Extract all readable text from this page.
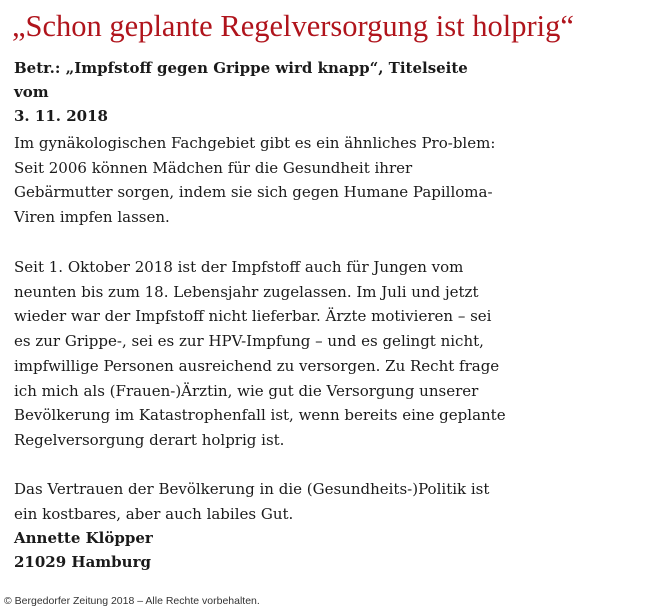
„Schon geplante Regelversorgung ist holprig“
Betr.: „Impfstoff gegen Grippe wird knapp“, Titelseite
vom
3. 11. 2018
Im gynäkologischen Fachgebiet gibt es ein ähnliches Pro-blem:
Seit 2006 können Mädchen für die Gesundheit ihrer
Gebärmutter sorgen, indem sie sich gegen Humane Papilloma-
Viren impfen lassen.
Seit 1. Oktober 2018 ist der Impfstoff auch für Jungen vom
neunten bis zum 18. Lebensjahr zugelassen. Im Juli und jetzt
wieder war der Impfstoff nicht lieferbar. Ärzte motivieren – sei
es zur Grippe-, sei es zur HPV-Impfung – und es gelingt nicht,
impfwillige Personen ausreichend zu versorgen. Zu Recht frage
ich mich als (Frauen-)Ärztin, wie gut die Versorgung unserer
Bevölkerung im Katastrophenfall ist, wenn bereits eine geplante
Regelversorgung derart holprig ist.
Das Vertrauen der Bevölkerung in die (Gesundheits-)Politik ist
ein kostbares, aber auch labiles Gut.
Annette Klöpper
21029 Hamburg
© Bergedorfer Zeitung 2018 – Alle Rechte vorbehalten.
